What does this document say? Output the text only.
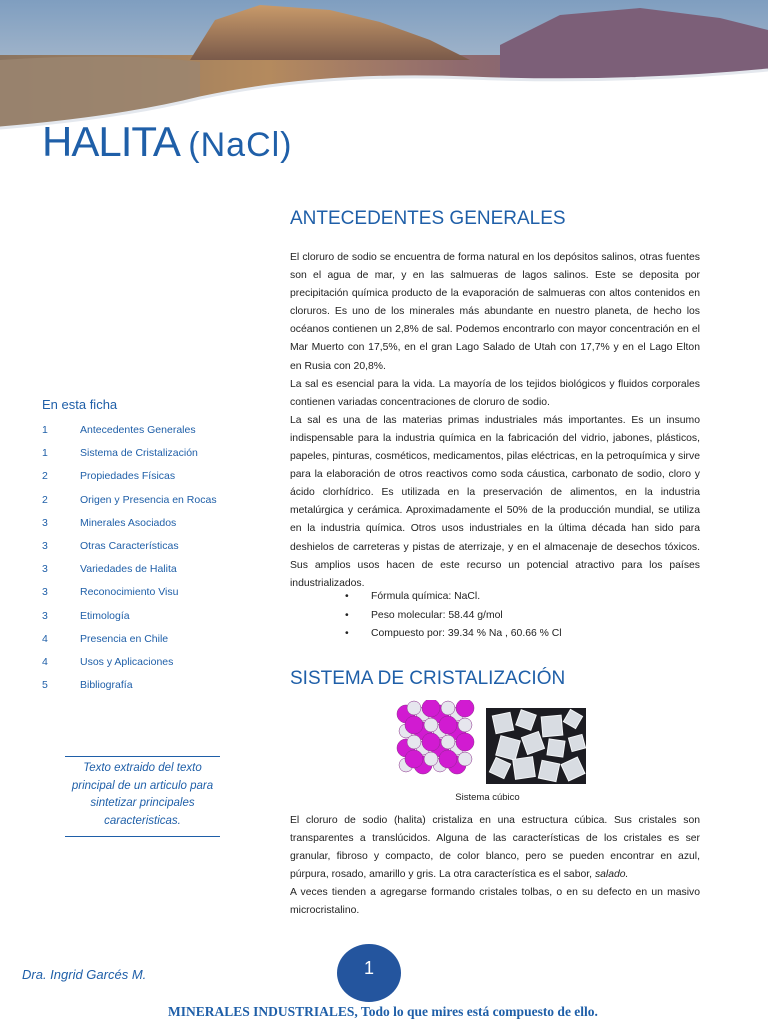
HALITA (NaCl)
ANTECEDENTES GENERALES

El cloruro de sodio se encuentra de forma natural en los depósitos salinos, otras fuentes son el agua de mar, y en las salmueras de lagos salinos. Este se deposita por precipitación química producto de la evaporación de salmueras con altos contenidos en cloruros. Es uno de los minerales más abundante en nuestro planeta, de hecho los océanos contienen un 2,8% de sal. Podemos encontrarlo con mayor concentración en el Mar Muerto con 17,5%, en el gran Lago Salado de Utah con 17,7% y en el Lago Elton en Rusia con 20,8%.

La sal es esencial para la vida. La mayoría de los tejidos biológicos y fluidos corporales contienen variadas concentraciones de cloruro de sodio.

La sal es una de las materias primas industriales más importantes. Es un insumo indispensable para la industria química en la fabricación del vidrio, jabones, plásticos, papeles, pinturas, cosméticos, medicamentos, pilas eléctricas, en la petroquímica y sirve para la elaboración de otros reactivos como soda cáustica, carbonato de sodio, cloro y ácido clorhídrico. Es utilizada en la preservación de alimentos, en la industria metalúrgica y cerámica. Aproximadamente el 50% de la producción mundial, se utiliza en la industria química. Otros usos industriales en la última década han sido para deshielos de carreteras y pistas de aterrizaje, y en el almacenaje de desechos tóxicos. Sus amplios usos hacen de este recurso un potencial atractivo para los países industrializados.

• Fórmula química: NaCl.
• Peso molecular: 58.44 g/mol
• Compuesto por: 39.34 % Na , 60.66 % Cl
En esta ficha
1	Antecedentes Generales
1	Sistema de Cristalización
2	Propiedades Físicas
2	Origen y Presencia en Rocas
3	Minerales Asociados
3	Otras Características
3	Variedades de Halita
3	Reconocimiento Visu
3	Etimología
4	Presencia en Chile
4	Usos y Aplicaciones
5	Bibliografía
Texto extraido del texto principal de un articulo para sintetizar principales caracteristicas.
SISTEMA DE CRISTALIZACIÓN
Sistema cúbico

El cloruro de sodio (halita) cristaliza en una estructura cúbica. Sus cristales son transparentes a translúcidos. Alguna de las características de los cristales es ser granular, fibroso y compacto, de color blanco, pero se pueden encontrar en azul, púrpura, rosado, amarillo y gris. La otra característica es el sabor, salado.

A veces tienden a agregarse formando cristales tolbas, o en su defecto en un masivo microcristalino.

Dra. Ingrid Garcés M.	1
MINERALES INDUSTRIALES, Todo lo que mires está compuesto de ello.
